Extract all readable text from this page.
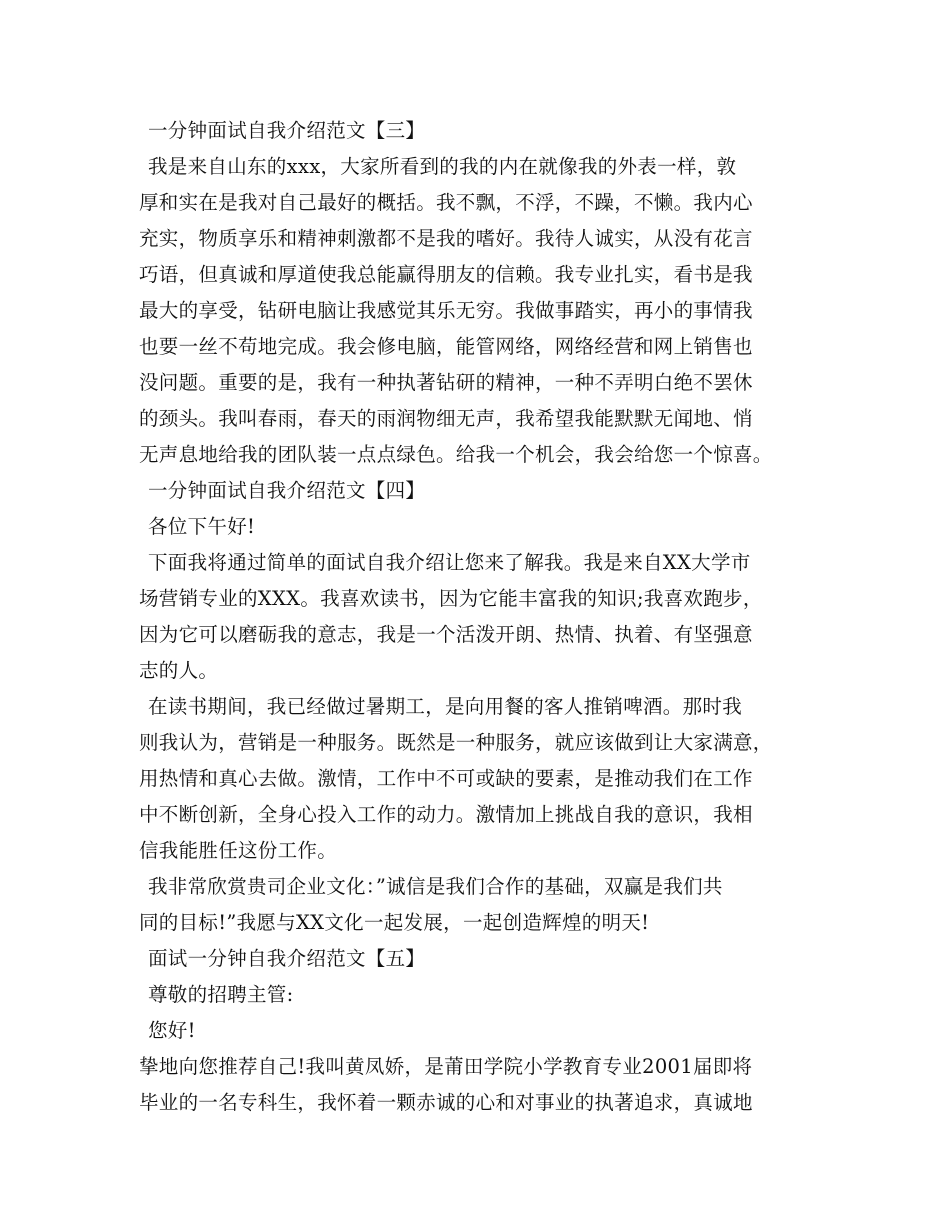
一分钟面试自我介绍范文【三】
我是来自山东的xxx，大家所看到的我的内在就像我的外表一样，敦
厚和实在是我对自己最好的概括。我不飘，不浮，不躁，不懒。我内心
充实，物质享乐和精神刺激都不是我的嗜好。我待人诚实，从没有花言
巧语，但真诚和厚道使我总能赢得朋友的信赖。我专业扎实，看书是我
最大的享受，钻研电脑让我感觉其乐无穷。我做事踏实，再小的事情我
也要一丝不苟地完成。我会修电脑，能管网络，网络经营和网上销售也
没问题。重要的是，我有一种执著钻研的精神，一种不弄明白绝不罢休
的颈头。我叫春雨，春天的雨润物细无声，我希望我能默默无闻地、悄
无声息地给我的团队装一点点绿色。给我一个机会，我会给您一个惊喜。
一分钟面试自我介绍范文【四】
各位下午好!
下面我将通过简单的面试自我介绍让您来了解我。我是来自XX大学市
场营销专业的XXX。我喜欢读书，因为它能丰富我的知识;我喜欢跑步，
因为它可以磨砺我的意志，我是一个活泼开朗、热情、执着、有坚强意
志的人。
在读书期间，我已经做过暑期工，是向用餐的客人推销啤酒。那时我
则我认为，营销是一种服务。既然是一种服务，就应该做到让大家满意，
用热情和真心去做。激情，工作中不可或缺的要素，是推动我们在工作
中不断创新，全身心投入工作的动力。激情加上挑战自我的意识，我相
信我能胜任这份工作。
我非常欣赏贵司企业文化：”诚信是我们合作的基础，双赢是我们共
同的目标!”我愿与XX文化一起发展，一起创造辉煌的明天!
面试一分钟自我介绍范文【五】
尊敬的招聘主管:
您好!
挚地向您推荐自己!我叫黄凤娇，是莆田学院小学教育专业2001届即将
毕业的一名专科生，我怀着一颗赤诚的心和对事业的执著追求，真诚地
